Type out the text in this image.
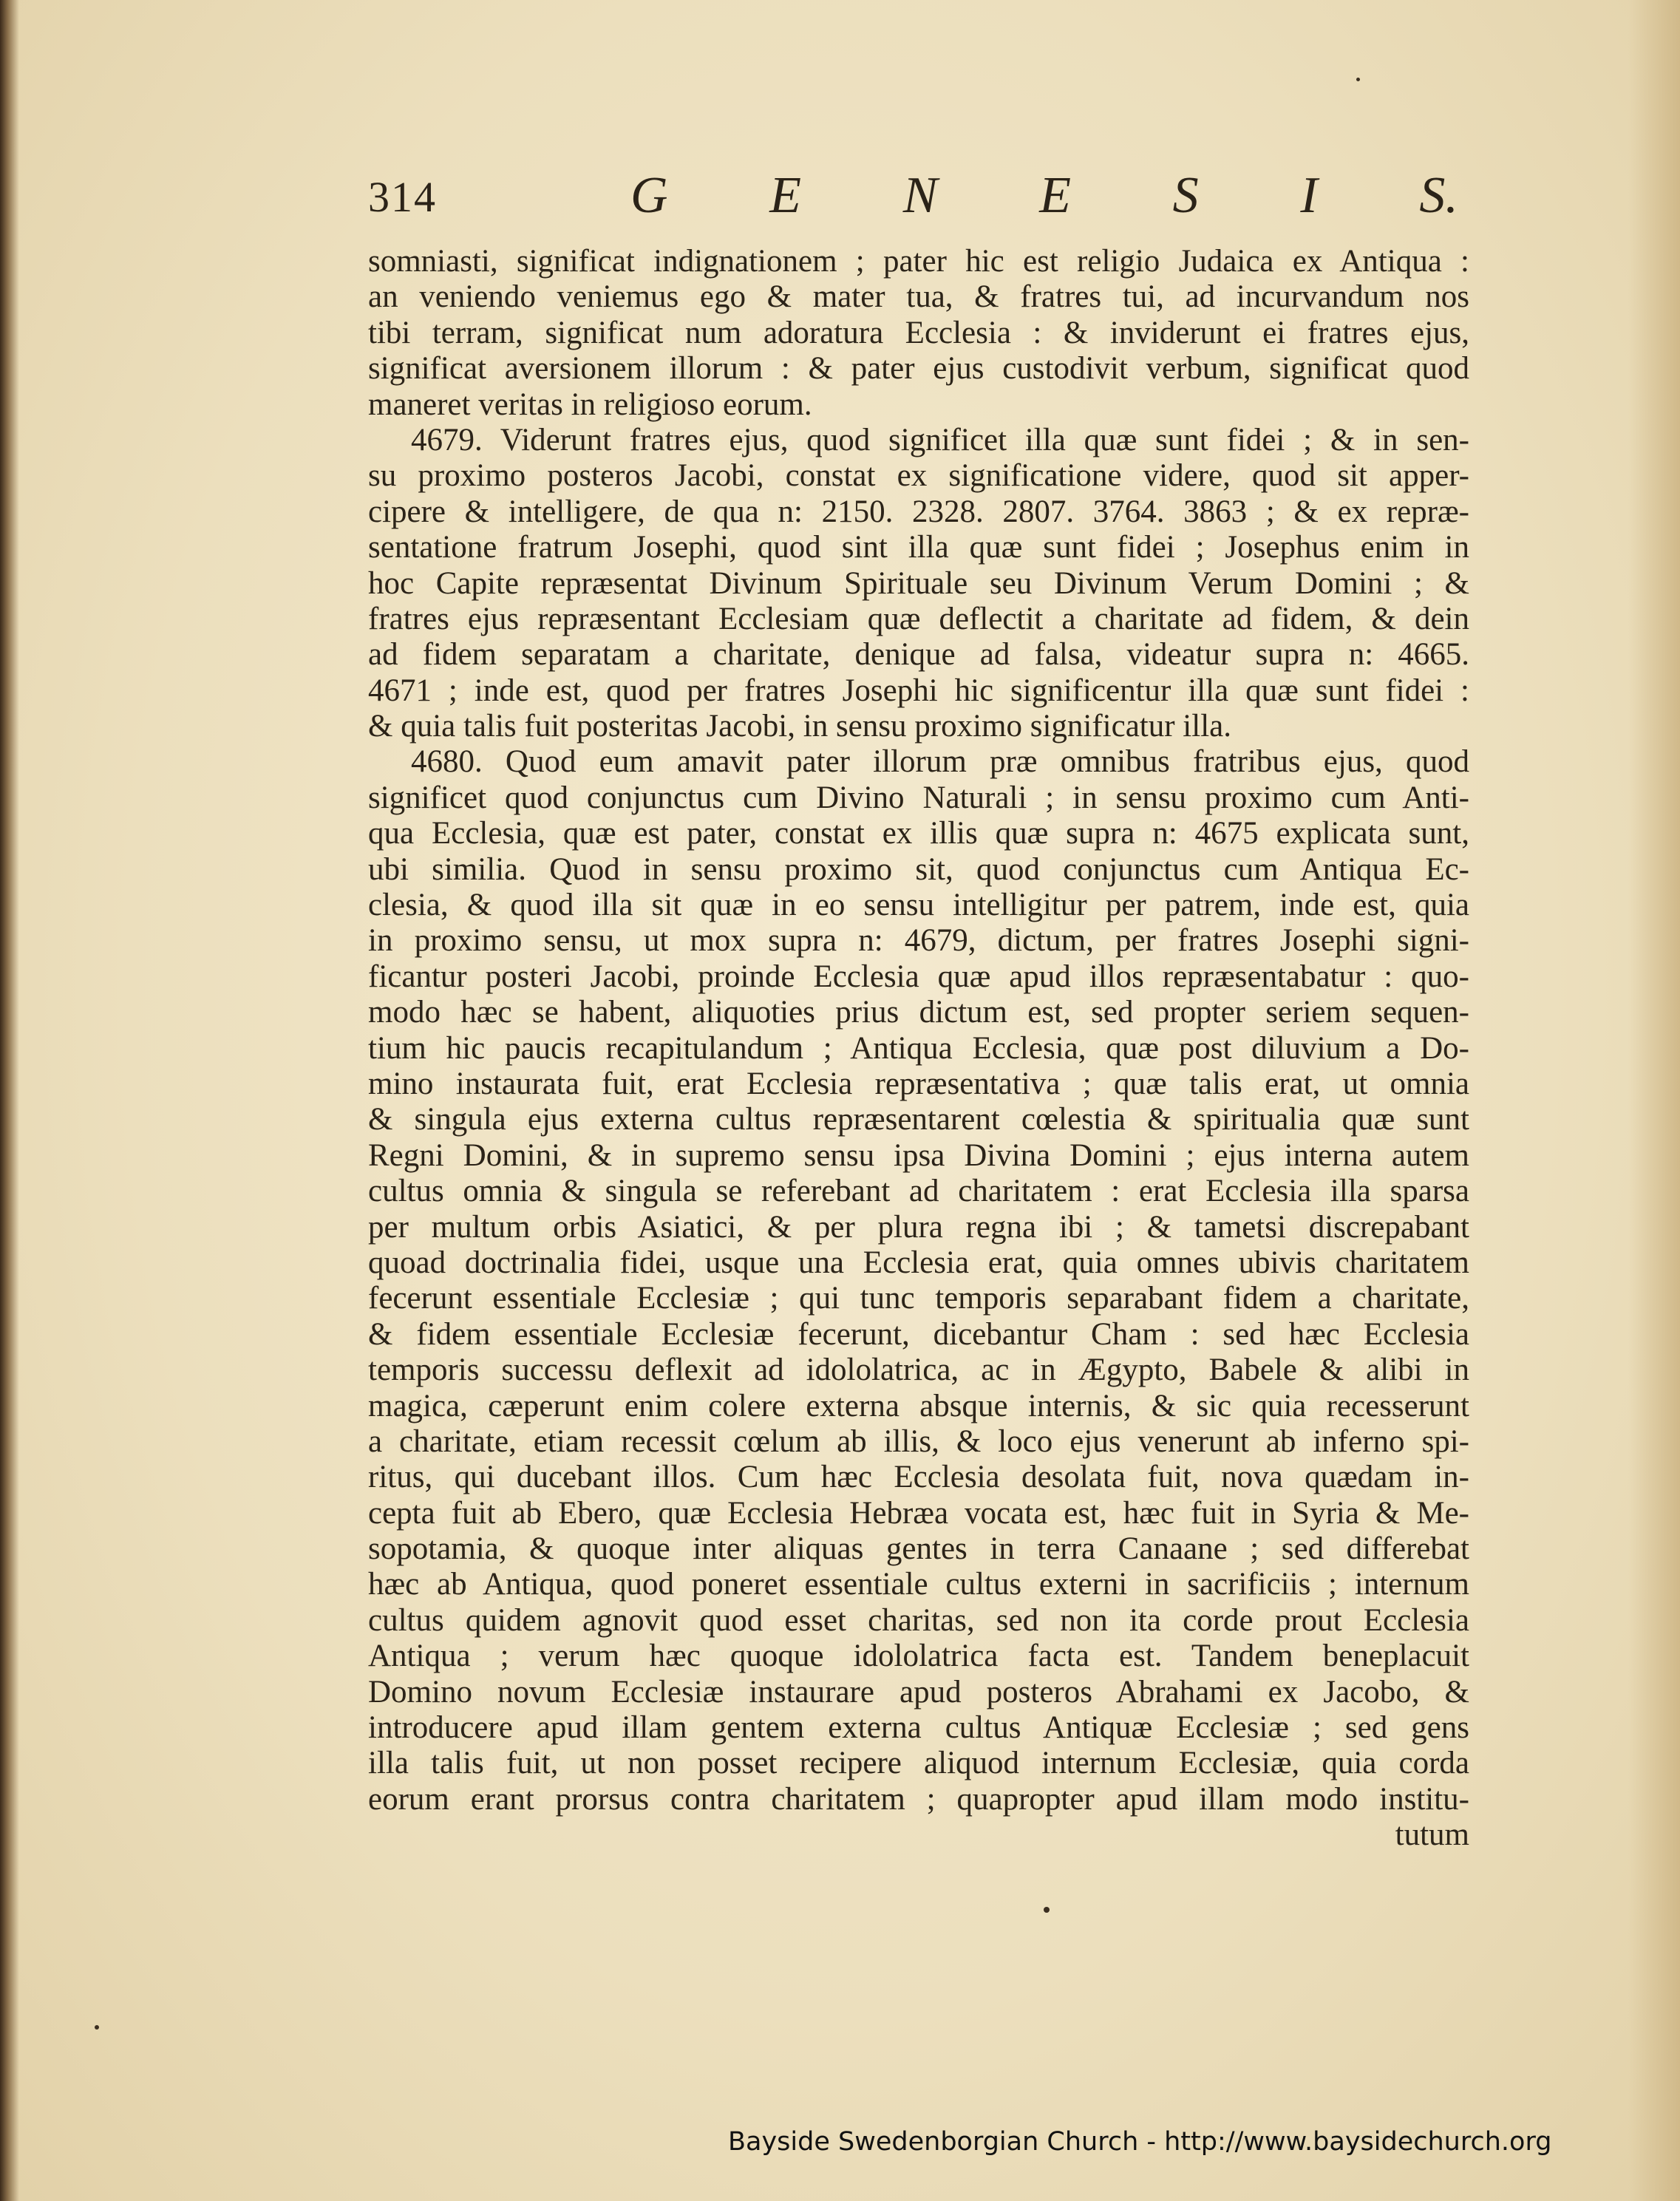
314	G E N E S I S.
somniasti, significat indignationem ; pater hic est religio Judaica ex Antiqua :
an veniendo veniemus ego & mater tua, & fratres tui, ad incurvandum nos
tibi terram, significat num adoratura Ecclesia : & inviderunt ei fratres ejus,
significat aversionem illorum : & pater ejus custodivit verbum, significat quod
maneret veritas in religioso eorum.
4679. Viderunt fratres ejus, quod significet illa quæ sunt fidei ; & in sen-
su proximo posteros Jacobi, constat ex significatione videre, quod sit apper-
cipere & intelligere, de qua n: 2150. 2328. 2807. 3764. 3863 ; & ex repræ-
sentatione fratrum Josephi, quod sint illa quæ sunt fidei ; Josephus enim in
hoc Capite repræsentat Divinum Spirituale seu Divinum Verum Domini ; &
fratres ejus repræsentant Ecclesiam quæ deflectit a charitate ad fidem, & dein
ad fidem separatam a charitate, denique ad falsa, videatur supra n: 4665.
4671 ; inde est, quod per fratres Josephi hic significentur illa quæ sunt fidei :
& quia talis fuit posteritas Jacobi, in sensu proximo significatur illa.
4680. Quod eum amavit pater illorum præ omnibus fratribus ejus, quod
significet quod conjunctus cum Divino Naturali ; in sensu proximo cum Anti-
qua Ecclesia, quæ est pater, constat ex illis quæ supra n: 4675 explicata sunt,
ubi similia. Quod in sensu proximo sit, quod conjunctus cum Antiqua Ec-
clesia, & quod illa sit quæ in eo sensu intelligitur per patrem, inde est, quia
in proximo sensu, ut mox supra n: 4679, dictum, per fratres Josephi signi-
ficantur posteri Jacobi, proinde Ecclesia quæ apud illos repræsentabatur : quo-
modo hæc se habent, aliquoties prius dictum est, sed propter seriem sequen-
tium hic paucis recapitulandum ; Antiqua Ecclesia, quæ post diluvium a Do-
mino instaurata fuit, erat Ecclesia repræsentativa ; quæ talis erat, ut omnia
& singula ejus externa cultus repræsentarent cœlestia & spiritualia quæ sunt
Regni Domini, & in supremo sensu ipsa Divina Domini ; ejus interna autem
cultus omnia & singula se referebant ad charitatem : erat Ecclesia illa sparsa
per multum orbis Asiatici, & per plura regna ibi ; & tametsi discrepabant
quoad doctrinalia fidei, usque una Ecclesia erat, quia omnes ubivis charitatem
fecerunt essentiale Ecclesiæ ; qui tunc temporis separabant fidem a charitate,
& fidem essentiale Ecclesiæ fecerunt, dicebantur Cham : sed hæc Ecclesia
temporis successu deflexit ad idololatrica, ac in Ægypto, Babele & alibi in
magica, cæperunt enim colere externa absque internis, & sic quia recesserunt
a charitate, etiam recessit cœlum ab illis, & loco ejus venerunt ab inferno spi-
ritus, qui ducebant illos. Cum hæc Ecclesia desolata fuit, nova quædam in-
cepta fuit ab Ebero, quæ Ecclesia Hebræa vocata est, hæc fuit in Syria & Me-
sopotamia, & quoque inter aliquas gentes in terra Canaane ; sed differebat
hæc ab Antiqua, quod poneret essentiale cultus externi in sacrificiis ; internum
cultus quidem agnovit quod esset charitas, sed non ita corde prout Ecclesia
Antiqua ; verum hæc quoque idololatrica facta est. Tandem beneplacuit
Domino novum Ecclesiæ instaurare apud posteros Abrahami ex Jacobo, &
introducere apud illam gentem externa cultus Antiquæ Ecclesiæ ; sed gens
illa talis fuit, ut non posset recipere aliquod internum Ecclesiæ, quia corda
eorum erant prorsus contra charitatem ; quapropter apud illam modo institu-
tutum
Bayside Swedenborgian Church - http://www.baysidechurch.org
